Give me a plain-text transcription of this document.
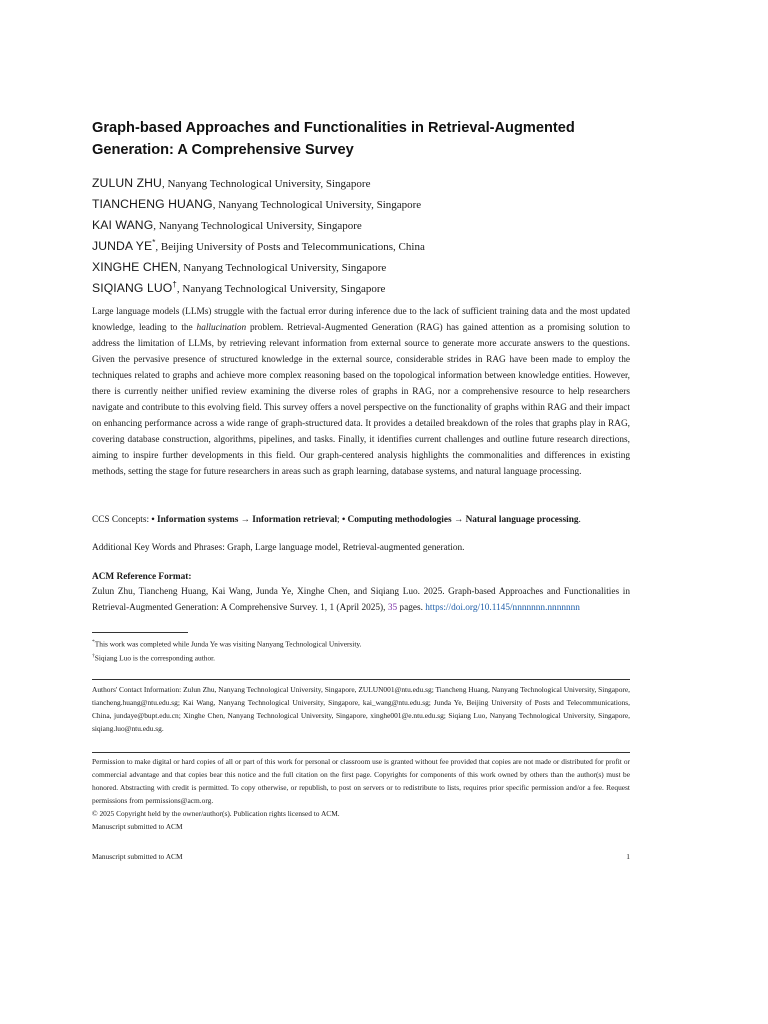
Graph-based Approaches and Functionalities in Retrieval-Augmented Generation: A Comprehensive Survey
ZULUN ZHU, Nanyang Technological University, Singapore
TIANCHENG HUANG, Nanyang Technological University, Singapore
KAI WANG, Nanyang Technological University, Singapore
JUNDA YE*, Beijing University of Posts and Telecommunications, China
XINGHE CHEN, Nanyang Technological University, Singapore
SIQIANG LUO†, Nanyang Technological University, Singapore

Large language models (LLMs) struggle with the factual error during inference due to the lack of sufficient training data and the most updated knowledge, leading to the hallucination problem. Retrieval-Augmented Generation (RAG) has gained attention as a promising solution to address the limitation of LLMs, by retrieving relevant information from external source to generate more accurate answers to the questions. Given the pervasive presence of structured knowledge in the external source, considerable strides in RAG have been made to employ the techniques related to graphs and achieve more complex reasoning based on the topological information between knowledge entities. However, there is currently neither unified review examining the diverse roles of graphs in RAG, nor a comprehensive resource to help researchers navigate and contribute to this evolving field. This survey offers a novel perspective on the functionality of graphs within RAG and their impact on enhancing performance across a wide range of graph-structured data. It provides a detailed breakdown of the roles that graphs play in RAG, covering database construction, algorithms, pipelines, and tasks. Finally, it identifies current challenges and outline future research directions, aiming to inspire further developments in this field. Our graph-centered analysis highlights the commonalities and differences in existing methods, setting the stage for future researchers in areas such as graph learning, database systems, and natural language processing.

CCS Concepts: • Information systems → Information retrieval; • Computing methodologies → Natural language processing.
Additional Key Words and Phrases: Graph, Large language model, Retrieval-augmented generation.
ACM Reference Format:
Zulun Zhu, Tiancheng Huang, Kai Wang, Junda Ye, Xinghe Chen, and Siqiang Luo. 2025. Graph-based Approaches and Functionalities in Retrieval-Augmented Generation: A Comprehensive Survey. 1, 1 (April 2025), 35 pages. https://doi.org/10.1145/nnnnnnn.nnnnnnn
*This work was completed while Junda Ye was visiting Nanyang Technological University.
†Siqiang Luo is the corresponding author.
Authors' Contact Information: Zulun Zhu, Nanyang Technological University, Singapore, ZULUN001@ntu.edu.sg; Tiancheng Huang, Nanyang Technological University, Singapore, tiancheng.huang@ntu.edu.sg; Kai Wang, Nanyang Technological University, Singapore, kai_wang@ntu.edu.sg; Junda Ye, Beijing University of Posts and Telecommunications, China, jundaye@bupt.edu.cn; Xinghe Chen, Nanyang Technological University, Singapore, xinghe001@e.ntu.edu.sg; Siqiang Luo, Nanyang Technological University, Singapore, siqiang.luo@ntu.edu.sg.
Permission to make digital or hard copies of all or part of this work for personal or classroom use is granted without fee provided that copies are not made or distributed for profit or commercial advantage and that copies bear this notice and the full citation on the first page. Copyrights for components of this work owned by others than the author(s) must be honored. Abstracting with credit is permitted. To copy otherwise, or republish, to post on servers or to redistribute to lists, requires prior specific permission and/or a fee. Request permissions from permissions@acm.org.
© 2025 Copyright held by the owner/author(s). Publication rights licensed to ACM.
Manuscript submitted to ACM
Manuscript submitted to ACM	1
